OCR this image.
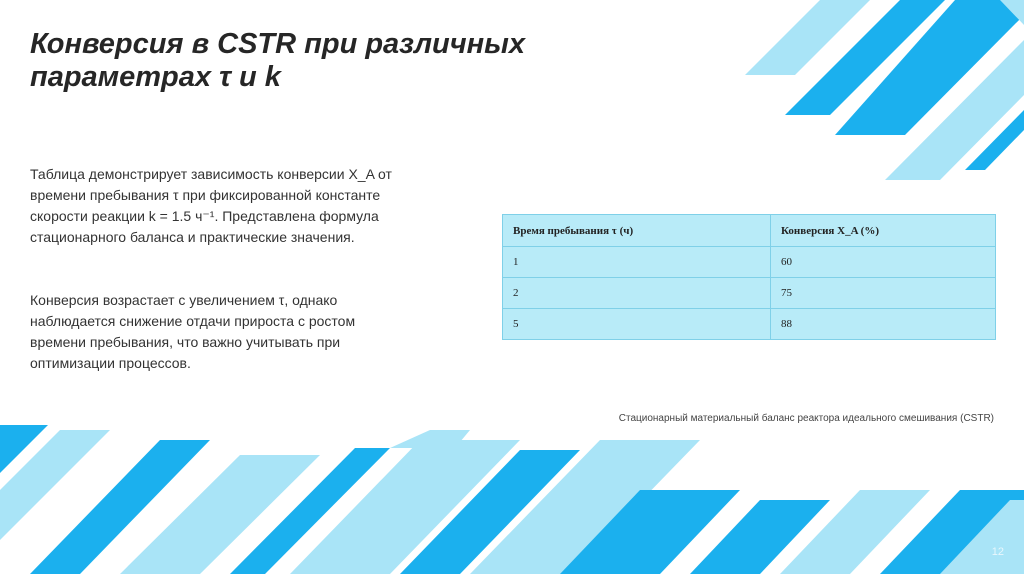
Конверсия в CSTR при различных параметрах τ и k

Таблица демонстрирует зависимость конверсии X_A от времени пребывания τ при фиксированной константе скорости реакции k = 1.5 ч⁻¹. Представлена формула стационарного баланса и практические значения.

Конверсия возрастает с увеличением τ, однако наблюдается снижение отдачи прироста с ростом времени пребывания, что важно учитывать при оптимизации процессов.

Время пребывания τ (ч)	Конверсия X_A (%)
1	60
2	75
5	88

Стационарный материальный баланс реактора идеального смешивания (CSTR)

12
